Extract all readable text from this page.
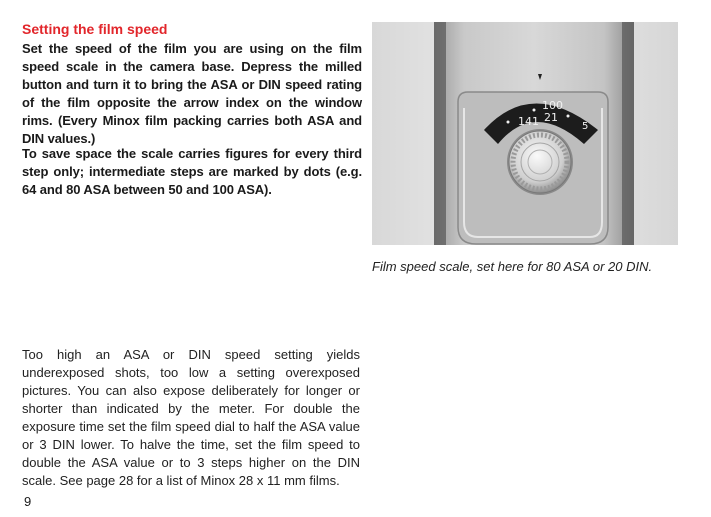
Setting the film speed

Set the speed of the film you are using on the film speed scale in the camera base. Depress the milled button and turn it to bring the ASA or DIN speed rating of the film opposite the arrow index on the window rims. (Every Minox film packing carries both ASA and DIN values.)

To save space the scale carries figures for every third step only; intermediate steps are marked by dots (e.g. 64 and 80 ASA between 50 and 100 ASA).

141
100
21
5

Film speed scale, set here for 80 ASA or 20 DIN.

Too high an ASA or DIN speed setting yields underexposed shots, too low a setting overexposed pictures. You can also expose deliberately for longer or shorter than indicated by the meter. For double the exposure time set the film speed dial to half the ASA value or 3 DIN lower. To halve the time, set the film speed to double the ASA value or to 3 steps higher on the DIN scale. See page 28 for a list of Minox 28 x 11 mm films.

9
